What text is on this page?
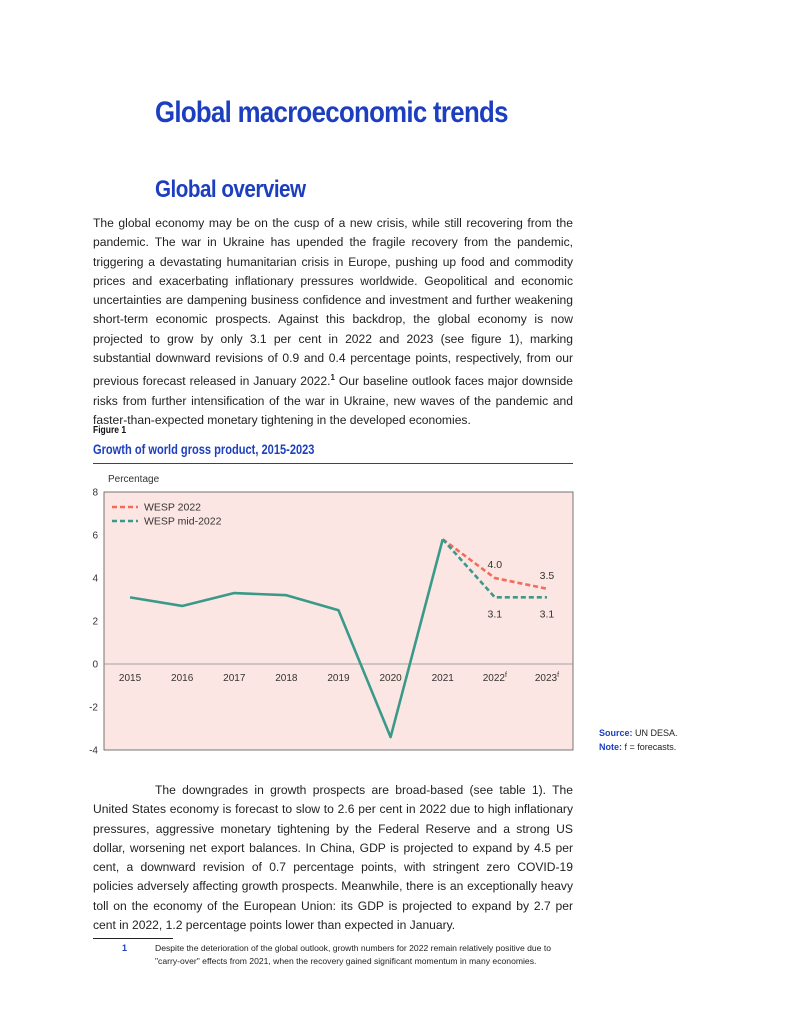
Global macroeconomic trends
Global overview

The global economy may be on the cusp of a new crisis, while still recovering from the pandemic. The war in Ukraine has upended the fragile recovery from the pandemic, triggering a devastating humanitarian crisis in Europe, pushing up food and commodity prices and exacerbating inflationary pressures worldwide. Geopolitical and economic uncertainties are dampening business confidence and investment and further weakening short-term economic prospects. Against this backdrop, the global economy is now projected to grow by only 3.1 per cent in 2022 and 2023 (see figure 1), marking substantial downward revisions of 0.9 and 0.4 percentage points, respectively, from our previous forecast released in January 2022.$^1$ Our baseline outlook faces major downside risks from further intensification of the war in Ukraine, new waves of the pandemic and faster-than-expected monetary tightening in the developed economies.

Figure 1
Growth of world gross product, 2015-2023
Percentage
-4
-2
0
2
4
6
8
2015	2016	2017	2018	2019	2020	2021	2022$^f$	2023$^f$
WESP 2022
WESP mid-2022
4.0
3.5
3.1	3.1
Source: UN DESA.
Note: f = forecasts.

The downgrades in growth prospects are broad-based (see table 1). The United States economy is forecast to slow to 2.6 per cent in 2022 due to high inflationary pressures, aggressive monetary tightening by the Federal Reserve and a strong US dollar, worsening net export balances. In China, GDP is projected to expand by 4.5 per cent, a downward revision of 0.7 percentage points, with stringent zero COVID-19 policies adversely affecting growth prospects. Meanwhile, there is an exceptionally heavy toll on the economy of the European Union: its GDP is projected to expand by 2.7 per cent in 2022, 1.2 percentage points lower than expected in January.

1	Despite the deterioration of the global outlook, growth numbers for 2022 remain relatively positive due to "carry-over" effects from 2021, when the recovery gained significant momentum in many economies.
